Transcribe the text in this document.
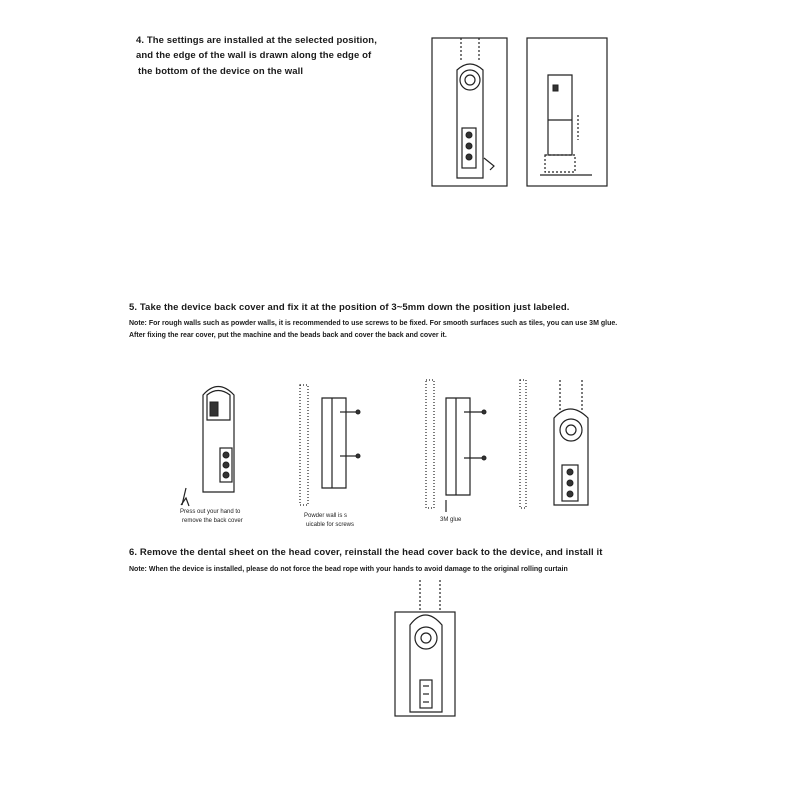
4. The settings are installed at the selected position,
and the edge of the wall is drawn along the edge of
the bottom of the device on the wall
5. Take the device back cover and fix it at the position of 3~5mm down the position just labeled.
Note: For rough walls such as powder walls, it is recommended to use screws to be fixed. For smooth surfaces such as tiles, you can use 3M glue.
After fixing the rear cover, put the machine and the beads back and cover the back and cover it.
6. Remove the dental sheet on the head cover, reinstall the head cover back to the device, and install it
Note: When the device is installed, please do not force the bead rope with your hands to avoid damage to the original rolling curtain
Press out your hand to
remove the back cover
Powder wall is s
uicable for screws
3M glue
